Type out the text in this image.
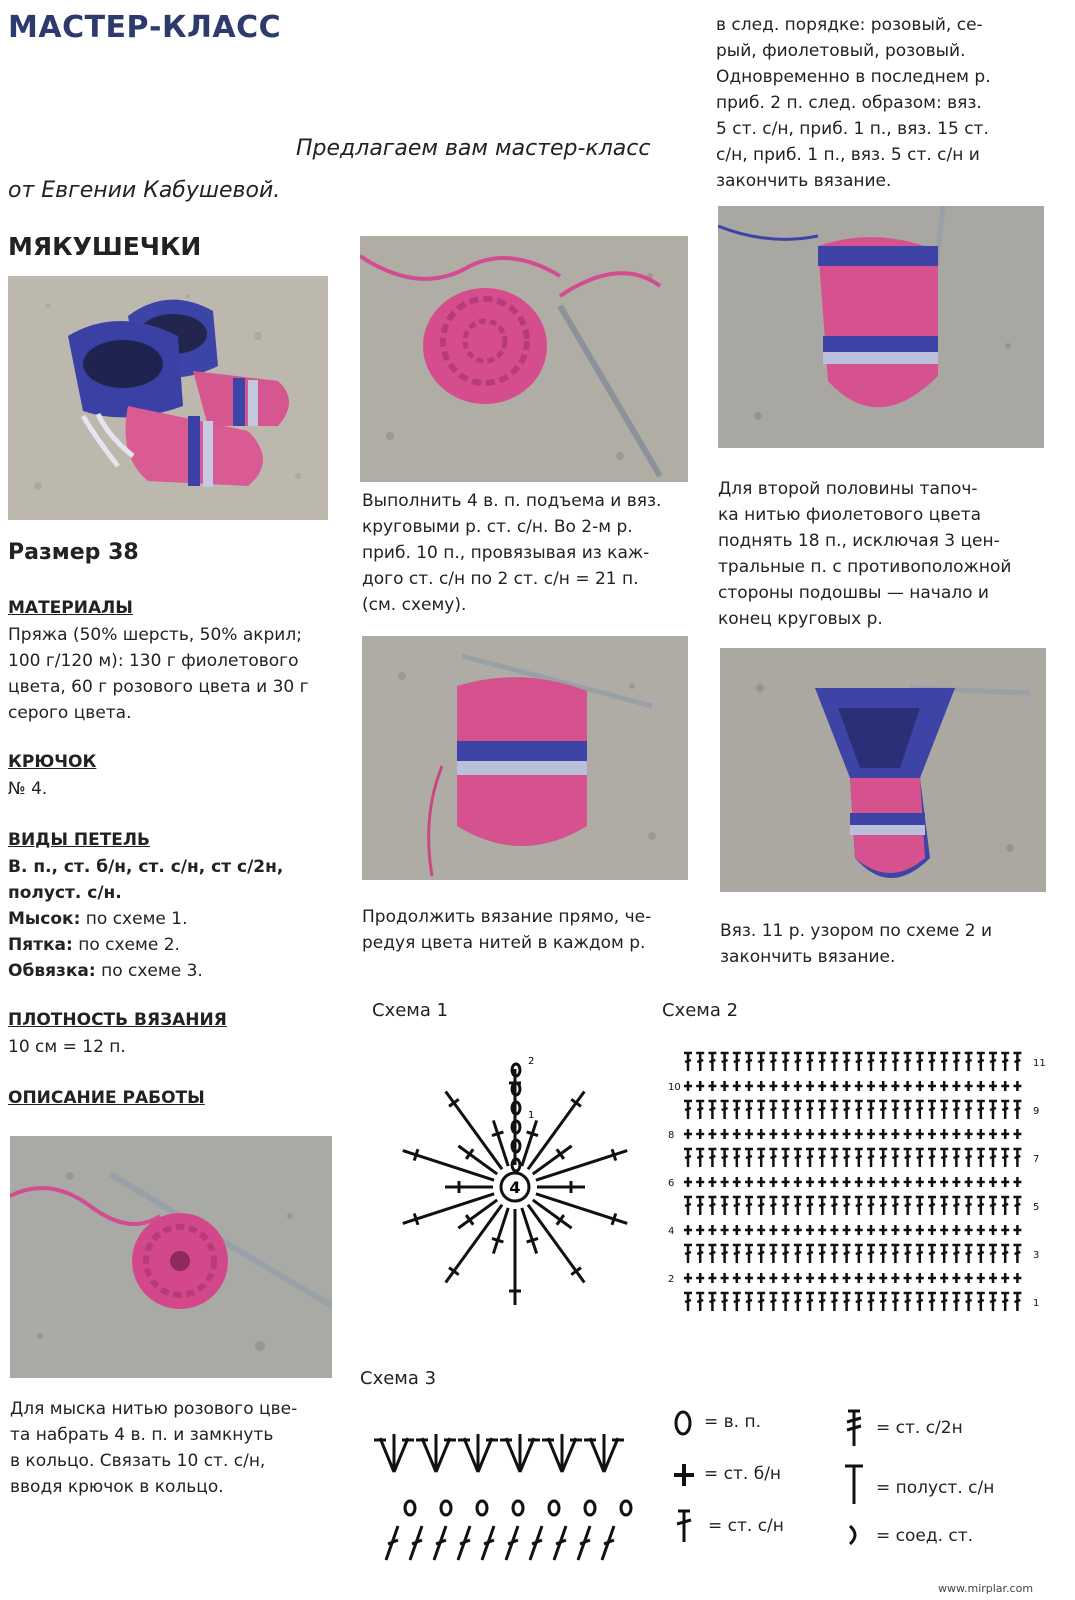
МАСТЕР-КЛАСС
Предлагаем вам мастер-класс
от Евгении Кабушевой.
МЯКУШЕЧКИ
Размер 38
МАТЕРИАЛЫ
Пряжа (50% шерсть, 50% акрил;
100 г/120 м): 130 г фиолетового
цвета, 60 г розового цвета и 30 г
серого цвета.
КРЮЧОК
№ 4.
ВИДЫ ПЕТЕЛЬ
В. п., ст. б/н, ст. с/н, ст с/2н,
полуст. с/н.
Мысок: по схеме 1.
Пятка: по схеме 2.
Обвязка: по схеме 3.
ПЛОТНОСТЬ ВЯЗАНИЯ
10 см = 12 п.
ОПИСАНИЕ РАБОТЫ
Для мыска нитью розового цве-
та набрать 4 в. п. и замкнуть
в кольцо. Связать 10 ст. с/н,
вводя крючок в кольцо.
Выполнить 4 в. п. подъема и вяз.
круговыми р. ст. с/н. Во 2-м р.
приб. 10 п., провязывая из каж-
дого ст. с/н по 2 ст. с/н = 21 п.
(см. схему).
Продолжить вязание прямо, че-
редуя цвета нитей в каждом р.
в след. порядке: розовый, се-
рый, фиолетовый, розовый.
Одновременно в последнем р.
приб. 2 п. след. образом: вяз.
5 ст. с/н, приб. 1 п., вяз. 15 ст.
с/н, приб. 1 п., вяз. 5 ст. с/н и
закончить вязание.
Для второй половины тапоч-
ка нитью фиолетового цвета
поднять 18 п., исключая 3 цен-
тральные п. с противоположной
стороны подошвы — начало и
конец круговых р.
Вяз. 11 р. узором по схеме 2 и
закончить вязание.
Схема 1	Схема 2
Схема 3
4
2
1
11
10
9
8
7
6
5
4
3
2
1
= в. п.
= ст. б/н
= ст. с/н
= ст. с/2н
= полуст. с/н
= соед. ст.
www.mirplar.com
